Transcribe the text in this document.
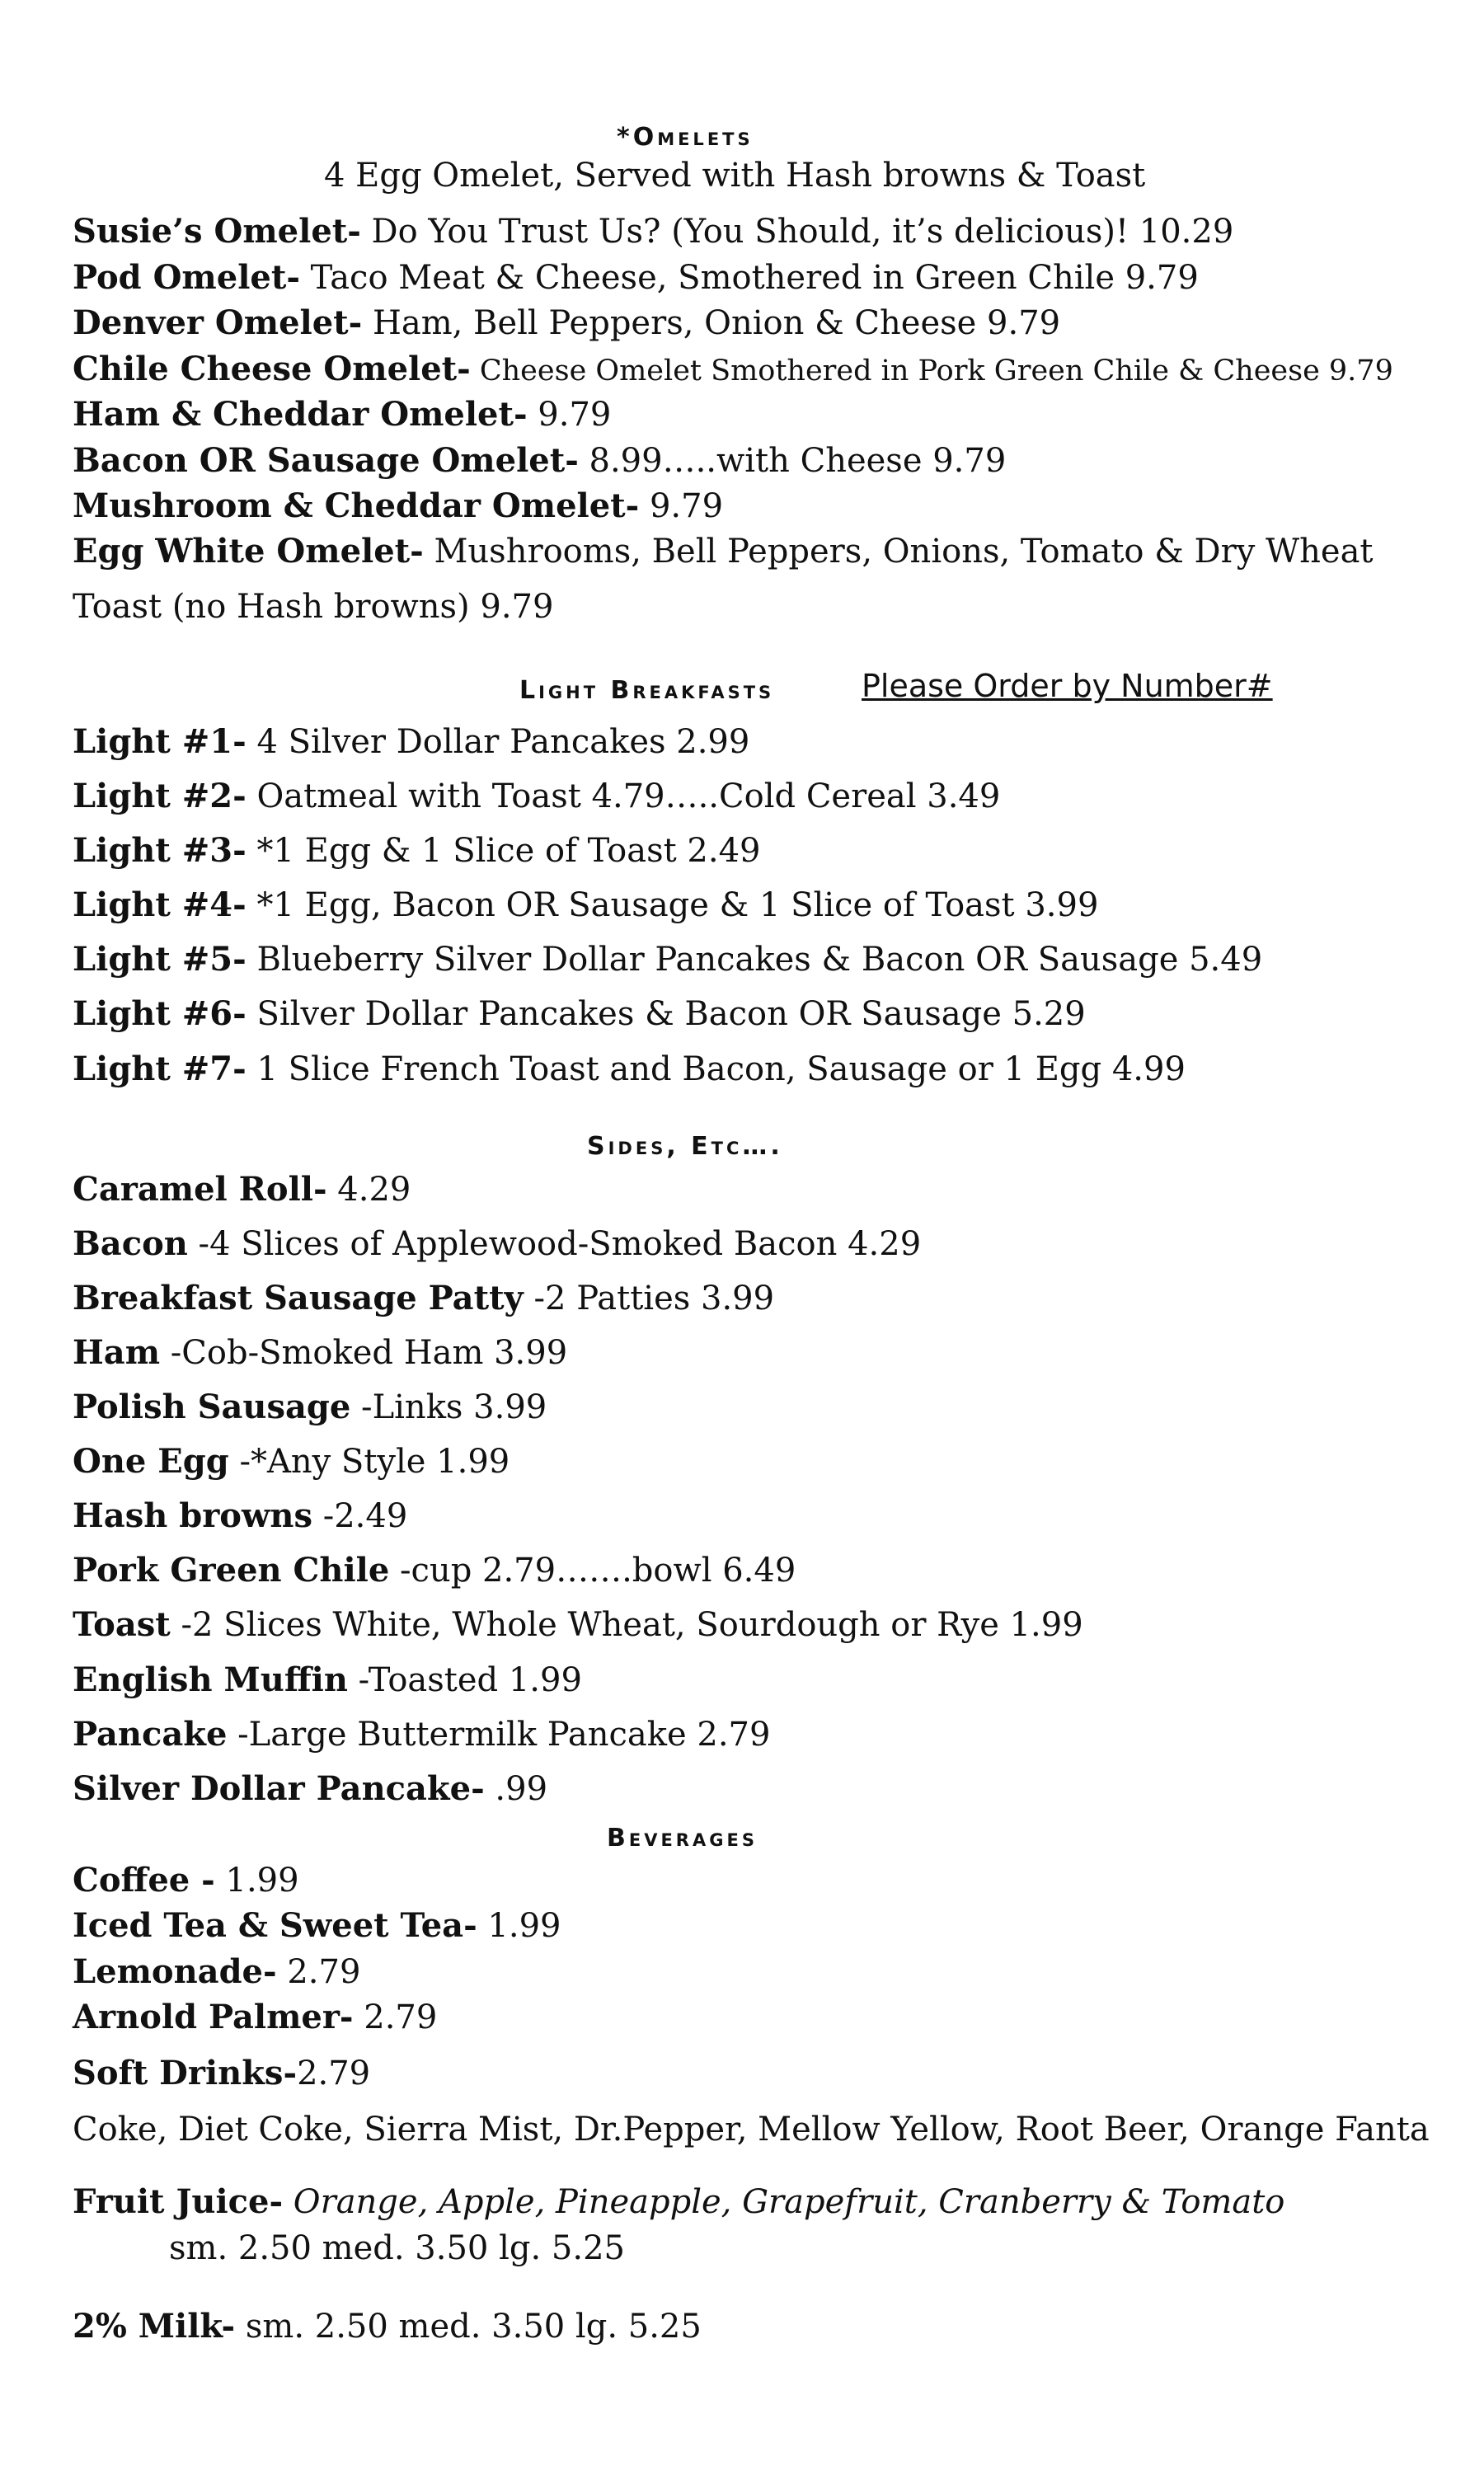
*Omelets
4 Egg Omelet, Served with Hash browns & Toast
Susie’s Omelet- Do You Trust Us? (You Should, it’s delicious)! 10.29
Pod Omelet- Taco Meat & Cheese, Smothered in Green Chile 9.79
Denver Omelet- Ham, Bell Peppers, Onion & Cheese 9.79
Chile Cheese Omelet- Cheese Omelet Smothered in Pork Green Chile & Cheese 9.79
Ham & Cheddar Omelet- 9.79
Bacon OR Sausage Omelet- 8.99…..with Cheese 9.79
Mushroom & Cheddar Omelet- 9.79
Egg White Omelet- Mushrooms, Bell Peppers, Onions, Tomato & Dry Wheat
Toast (no Hash browns) 9.79
Light Breakfasts	Please Order by Number#
Light #1- 4 Silver Dollar Pancakes 2.99
Light #2- Oatmeal with Toast 4.79…..Cold Cereal 3.49
Light #3- *1 Egg & 1 Slice of Toast 2.49
Light #4- *1 Egg, Bacon OR Sausage & 1 Slice of Toast 3.99
Light #5- Blueberry Silver Dollar Pancakes & Bacon OR Sausage 5.49
Light #6- Silver Dollar Pancakes & Bacon OR Sausage 5.29
Light #7- 1 Slice French Toast and Bacon, Sausage or 1 Egg 4.99
Sides, Etc….
Caramel Roll- 4.29
Bacon -4 Slices of Applewood-Smoked Bacon 4.29
Breakfast Sausage Patty -2 Patties 3.99
Ham -Cob-Smoked Ham 3.99
Polish Sausage -Links 3.99
One Egg -*Any Style 1.99
Hash browns -2.49
Pork Green Chile -cup 2.79…….bowl 6.49
Toast -2 Slices White, Whole Wheat, Sourdough or Rye 1.99
English Muffin -Toasted 1.99
Pancake -Large Buttermilk Pancake 2.79
Silver Dollar Pancake- .99
Beverages
Coffee - 1.99
Iced Tea & Sweet Tea- 1.99
Lemonade- 2.79
Arnold Palmer- 2.79
Soft Drinks-2.79
Coke, Diet Coke, Sierra Mist, Dr.Pepper, Mellow Yellow, Root Beer, Orange Fanta
Fruit Juice- Orange, Apple, Pineapple, Grapefruit, Cranberry & Tomato
sm. 2.50 med. 3.50 lg. 5.25
2% Milk- sm. 2.50 med. 3.50 lg. 5.25
